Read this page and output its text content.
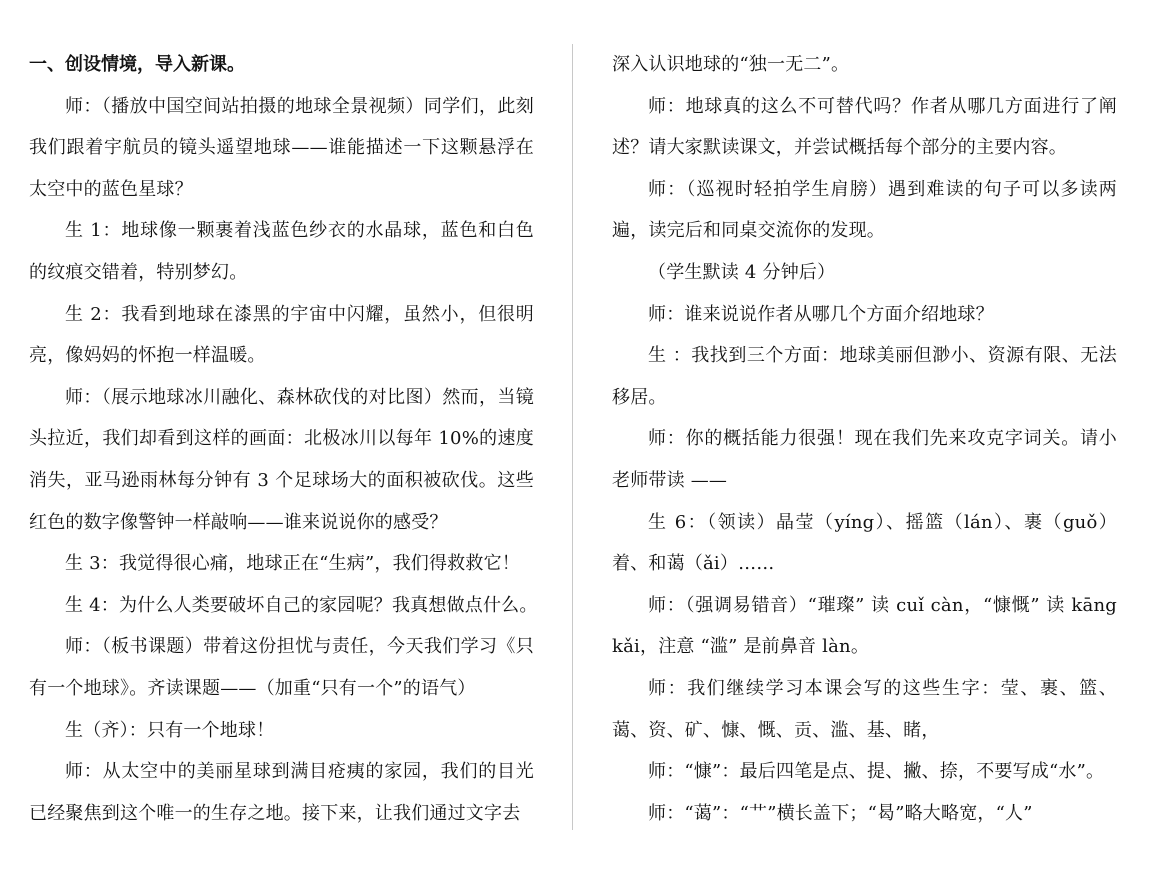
一、创设情境，导入新课。

师：（播放中国空间站拍摄的地球全景视频）同学们，此刻我们跟着宇航员的镜头遥望地球——谁能描述一下这颗悬浮在太空中的蓝色星球？

生 1：地球像一颗裹着浅蓝色纱衣的水晶球，蓝色和白色的纹痕交错着，特别梦幻。

生 2：我看到地球在漆黑的宇宙中闪耀，虽然小，但很明亮，像妈妈的怀抱一样温暖。

师：（展示地球冰川融化、森林砍伐的对比图）然而，当镜头拉近，我们却看到这样的画面：北极冰川以每年 10%的速度消失，亚马逊雨林每分钟有 3 个足球场大的面积被砍伐。这些红色的数字像警钟一样敲响——谁来说说你的感受？

生 3：我觉得很心痛，地球正在“生病”，我们得救救它！

生 4：为什么人类要破坏自己的家园呢？我真想做点什么。

师：（板书课题）带着这份担忧与责任，今天我们学习《只有一个地球》。齐读课题——（加重“只有一个”的语气）

生（齐）：只有一个地球！

师：从太空中的美丽星球到满目疮痍的家园，我们的目光已经聚焦到这个唯一的生存之地。接下来，让我们通过文字去

深入认识地球的“独一无二”。

师：地球真的这么不可替代吗？作者从哪几方面进行了阐述？请大家默读课文，并尝试概括每个部分的主要内容。

师：（巡视时轻拍学生肩膀）遇到难读的句子可以多读两遍，读完后和同桌交流你的发现。

（学生默读 4 分钟后）

师：谁来说说作者从哪几个方面介绍地球？

生 ：我找到三个方面：地球美丽但渺小、资源有限、无法移居。

师：你的概括能力很强！现在我们先来攻克字词关。请小老师带读 ——

生 6：（领读）晶莹（yíng）、摇篮（lán）、裹（guǒ）着、和蔼（ǎi）……

师：（强调易错音）“璀璨” 读 cuǐ càn，“慷慨” 读 kāng kǎi，注意 “滥” 是前鼻音 làn。

师：我们继续学习本课会写的这些生字：莹、裹、篮、蔼、资、矿、慷、慨、贡、滥、基、睹，

师：“慷”：最后四笔是点、提、撇、捺，不要写成“水”。

师：“蔼”：“艹”横长盖下；“曷”略大略宽，“人”
